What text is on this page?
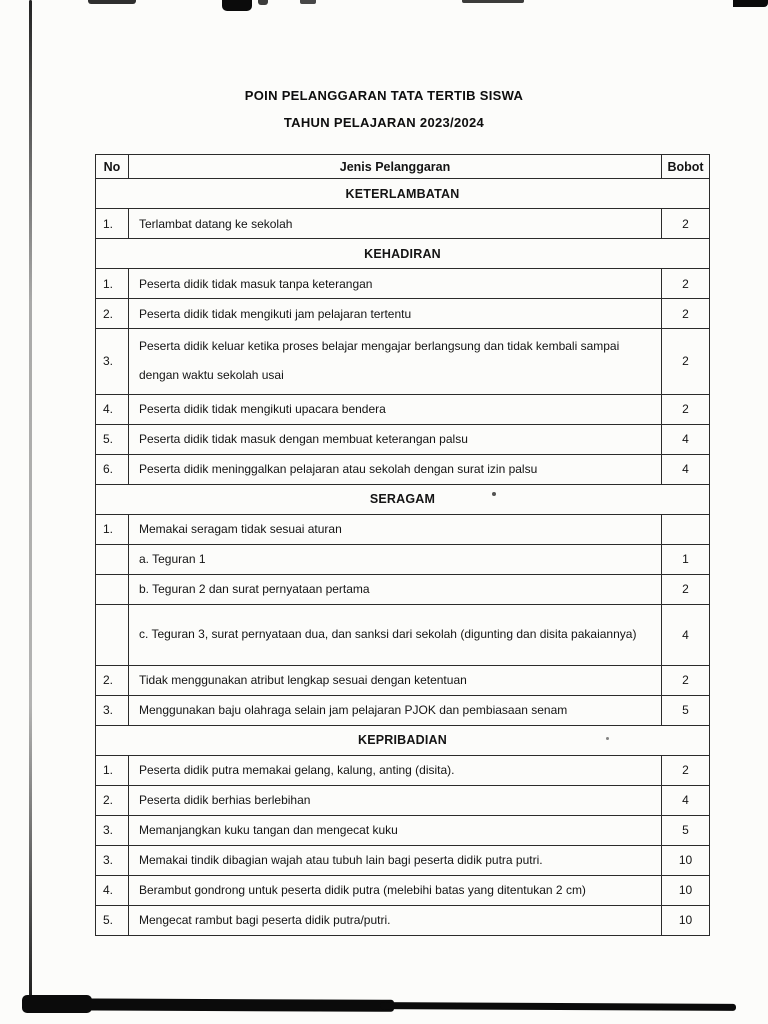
POIN PELANGGARAN TATA TERTIB SISWA
TAHUN PELAJARAN 2023/2024
No	Jenis Pelanggaran	Bobot
KETERLAMBATAN		
1.	Terlambat datang ke sekolah	2
KEHADIRAN		
1.	Peserta didik tidak masuk tanpa keterangan	2
2.	Peserta didik tidak mengikuti jam pelajaran tertentu	2
3.	Peserta didik keluar ketika proses belajar mengajar berlangsung dan tidak kembali sampai dengan waktu sekolah usai	2
4.	Peserta didik tidak mengikuti upacara bendera	2
5.	Peserta didik tidak masuk dengan membuat keterangan palsu	4
6.	Peserta didik meninggalkan pelajaran atau sekolah dengan surat izin palsu	4
SERAGAM		
1.	Memakai seragam tidak sesuai aturan	
	a. Teguran 1	1
	b. Teguran 2 dan surat pernyataan pertama	2
	c. Teguran 3, surat pernyataan dua, dan sanksi dari sekolah (digunting dan disita pakaiannya)	4
2.	Tidak menggunakan atribut lengkap sesuai dengan ketentuan	2
3.	Menggunakan baju olahraga selain jam pelajaran PJOK dan pembiasaan senam	5
KEPRIBADIAN		
1.	Peserta didik putra memakai gelang, kalung, anting (disita).	2
2.	Peserta didik berhias berlebihan	4
3.	Memanjangkan kuku tangan dan mengecat kuku	5
3.	Memakai tindik dibagian wajah atau tubuh lain bagi peserta didik putra putri.	10
4.	Berambut gondrong untuk peserta didik putra (melebihi batas yang ditentukan 2 cm)	10
5.	Mengecat rambut bagi peserta didik putra/putri.	10
